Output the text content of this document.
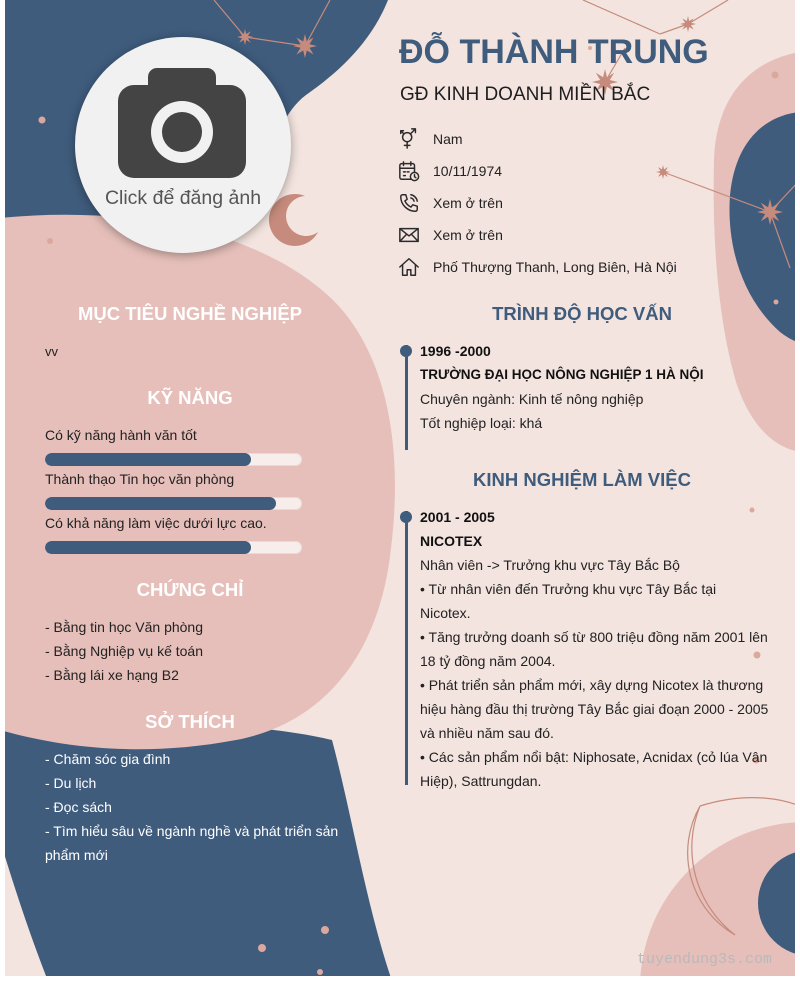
Click để đăng ảnh
ĐỖ THÀNH TRUNG
GĐ KINH DOANH MIỀN BẮC
Nam
10/11/1974
Xem ở trên
Xem ở trên
Phố Thượng Thanh, Long Biên, Hà Nội
MỤC TIÊU NGHỀ NGHIỆP
vv
KỸ NĂNG
Có kỹ năng hành văn tốt
Thành thạo Tin học văn phòng
Có khả năng làm việc dưới lực cao.
CHỨNG CHỈ
- Bằng tin học Văn phòng
- Bằng Nghiệp vụ kế toán
- Bằng lái xe hạng B2
SỞ THÍCH
- Chăm sóc gia đình
- Du lịch
- Đọc sách
- Tìm hiểu sâu về ngành nghề và phát triển sản phẩm mới
TRÌNH ĐỘ HỌC VẤN
1996 -2000
TRƯỜNG ĐẠI HỌC NÔNG NGHIỆP 1 HÀ NỘI
Chuyên ngành: Kinh tế nông nghiệp
Tốt nghiệp loại: khá
KINH NGHIỆM LÀM VIỆC
2001 - 2005
NICOTEX
Nhân viên -> Trưởng khu vực Tây Bắc Bộ
• Từ nhân viên đến Trưởng khu vực Tây Bắc tại Nicotex.
• Tăng trưởng doanh số từ 800 triệu đồng năm 2001 lên 18 tỷ đồng năm 2004.
• Phát triển sản phẩm mới, xây dựng Nicotex là thương hiệu hàng đầu thị trường Tây Bắc giai đoạn 2000 - 2005 và nhiều năm sau đó.
• Các sản phẩm nổi bật: Niphosate, Acnidax (cỏ lúa Vân Hiệp), Sattrungdan.
tuyendung3s.com
